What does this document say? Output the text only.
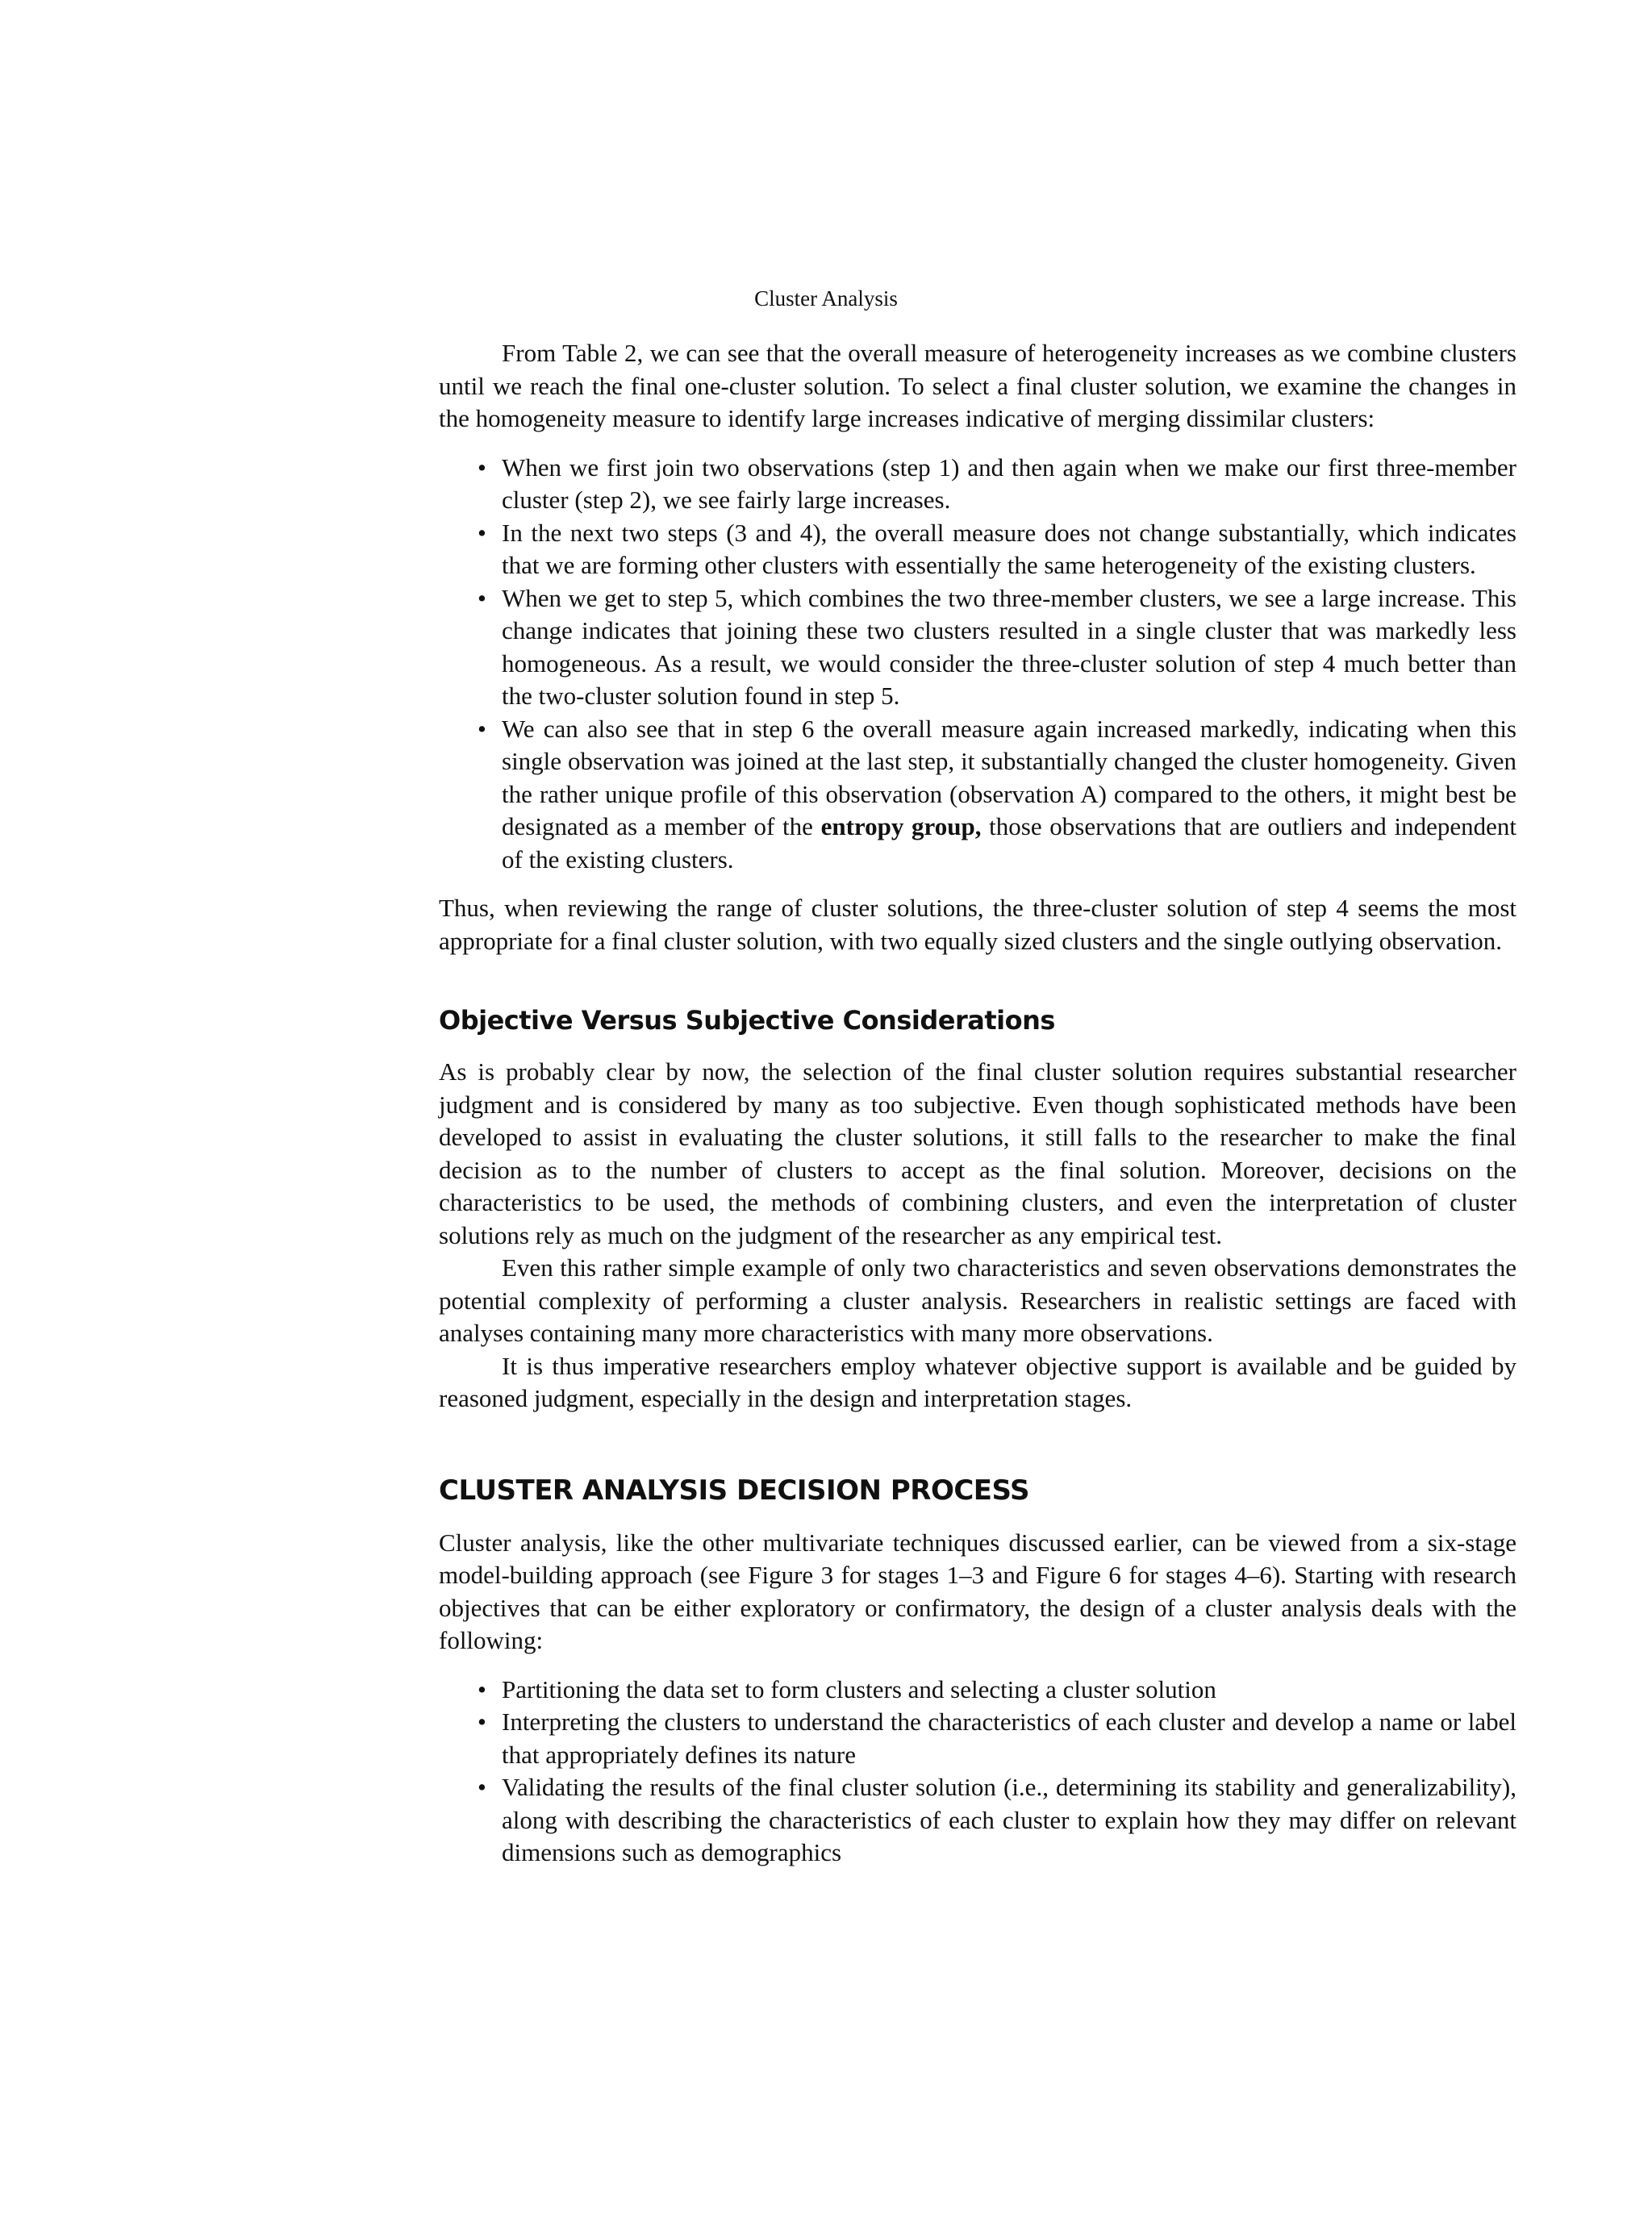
Cluster Analysis

From Table 2, we can see that the overall measure of heterogeneity increases as we combine clusters until we reach the final one-cluster solution. To select a final cluster solution, we examine the changes in the homogeneity measure to identify large increases indicative of merging dissimilar clusters:

• When we first join two observations (step 1) and then again when we make our first three-member cluster (step 2), we see fairly large increases.
• In the next two steps (3 and 4), the overall measure does not change substantially, which indicates that we are forming other clusters with essentially the same heterogeneity of the existing clusters.
• When we get to step 5, which combines the two three-member clusters, we see a large increase. This change indicates that joining these two clusters resulted in a single cluster that was markedly less homogeneous. As a result, we would consider the three-cluster solution of step 4 much better than the two-cluster solution found in step 5.
• We can also see that in step 6 the overall measure again increased markedly, indicating when this single observation was joined at the last step, it substantially changed the cluster homogeneity. Given the rather unique profile of this observation (observation A) compared to the others, it might best be designated as a member of the entropy group, those observations that are outliers and independent of the existing clusters.

Thus, when reviewing the range of cluster solutions, the three-cluster solution of step 4 seems the most appropriate for a final cluster solution, with two equally sized clusters and the single outlying observation.

Objective Versus Subjective Considerations

As is probably clear by now, the selection of the final cluster solution requires substantial researcher judgment and is considered by many as too subjective. Even though sophisticated methods have been developed to assist in evaluating the cluster solutions, it still falls to the researcher to make the final decision as to the number of clusters to accept as the final solution. Moreover, decisions on the characteristics to be used, the methods of combining clusters, and even the interpretation of cluster solutions rely as much on the judgment of the researcher as any empirical test.

Even this rather simple example of only two characteristics and seven observations demonstrates the potential complexity of performing a cluster analysis. Researchers in realistic settings are faced with analyses containing many more characteristics with many more observations.

It is thus imperative researchers employ whatever objective support is available and be guided by reasoned judgment, especially in the design and interpretation stages.

CLUSTER ANALYSIS DECISION PROCESS

Cluster analysis, like the other multivariate techniques discussed earlier, can be viewed from a six-stage model-building approach (see Figure 3 for stages 1–3 and Figure 6 for stages 4–6). Starting with research objectives that can be either exploratory or confirmatory, the design of a cluster analysis deals with the following:

• Partitioning the data set to form clusters and selecting a cluster solution
• Interpreting the clusters to understand the characteristics of each cluster and develop a name or label that appropriately defines its nature
• Validating the results of the final cluster solution (i.e., determining its stability and generalizability), along with describing the characteristics of each cluster to explain how they may differ on relevant dimensions such as demographics
